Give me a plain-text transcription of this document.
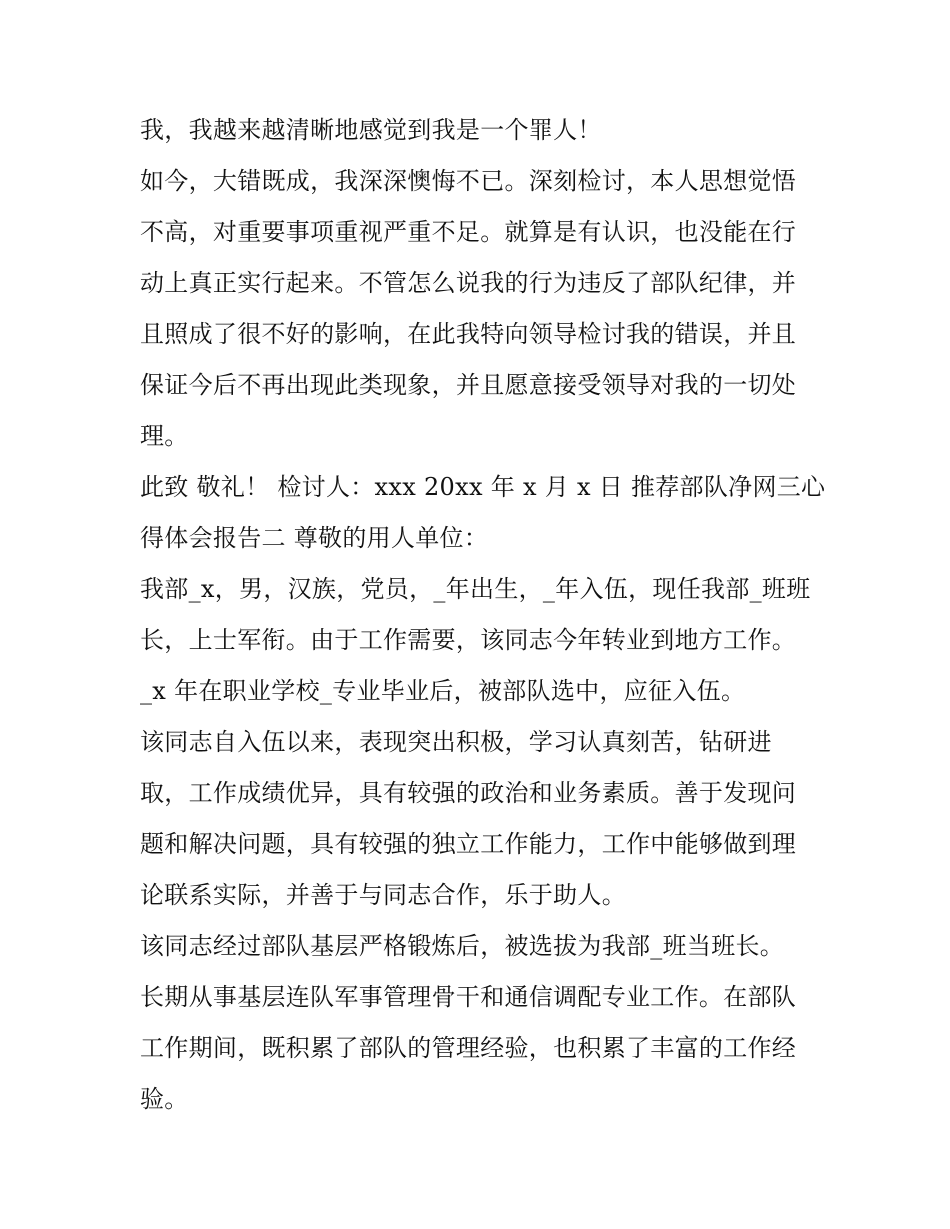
我，我越来越清晰地感觉到我是一个罪人！
如今，大错既成，我深深懊悔不已。深刻检讨，本人思想觉悟
不高，对重要事项重视严重不足。就算是有认识，也没能在行
动上真正实行起来。不管怎么说我的行为违反了部队纪律，并
且照成了很不好的影响，在此我特向领导检讨我的错误，并且
保证今后不再出现此类现象，并且愿意接受领导对我的一切处
理。
此致 敬礼！ 检讨人：xxx 20xx 年 x 月 x 日 推荐部队净网三心
得体会报告二 尊敬的用人单位：
我部_x，男，汉族，党员，_年出生，_年入伍，现任我部_班班
长，上士军衔。由于工作需要，该同志今年转业到地方工作。
_x 年在职业学校_专业毕业后，被部队选中，应征入伍。
该同志自入伍以来，表现突出积极，学习认真刻苦，钻研进
取，工作成绩优异，具有较强的政治和业务素质。善于发现问
题和解决问题，具有较强的独立工作能力，工作中能够做到理
论联系实际，并善于与同志合作，乐于助人。
该同志经过部队基层严格锻炼后，被选拔为我部_班当班长。
长期从事基层连队军事管理骨干和通信调配专业工作。在部队
工作期间，既积累了部队的管理经验，也积累了丰富的工作经
验。
